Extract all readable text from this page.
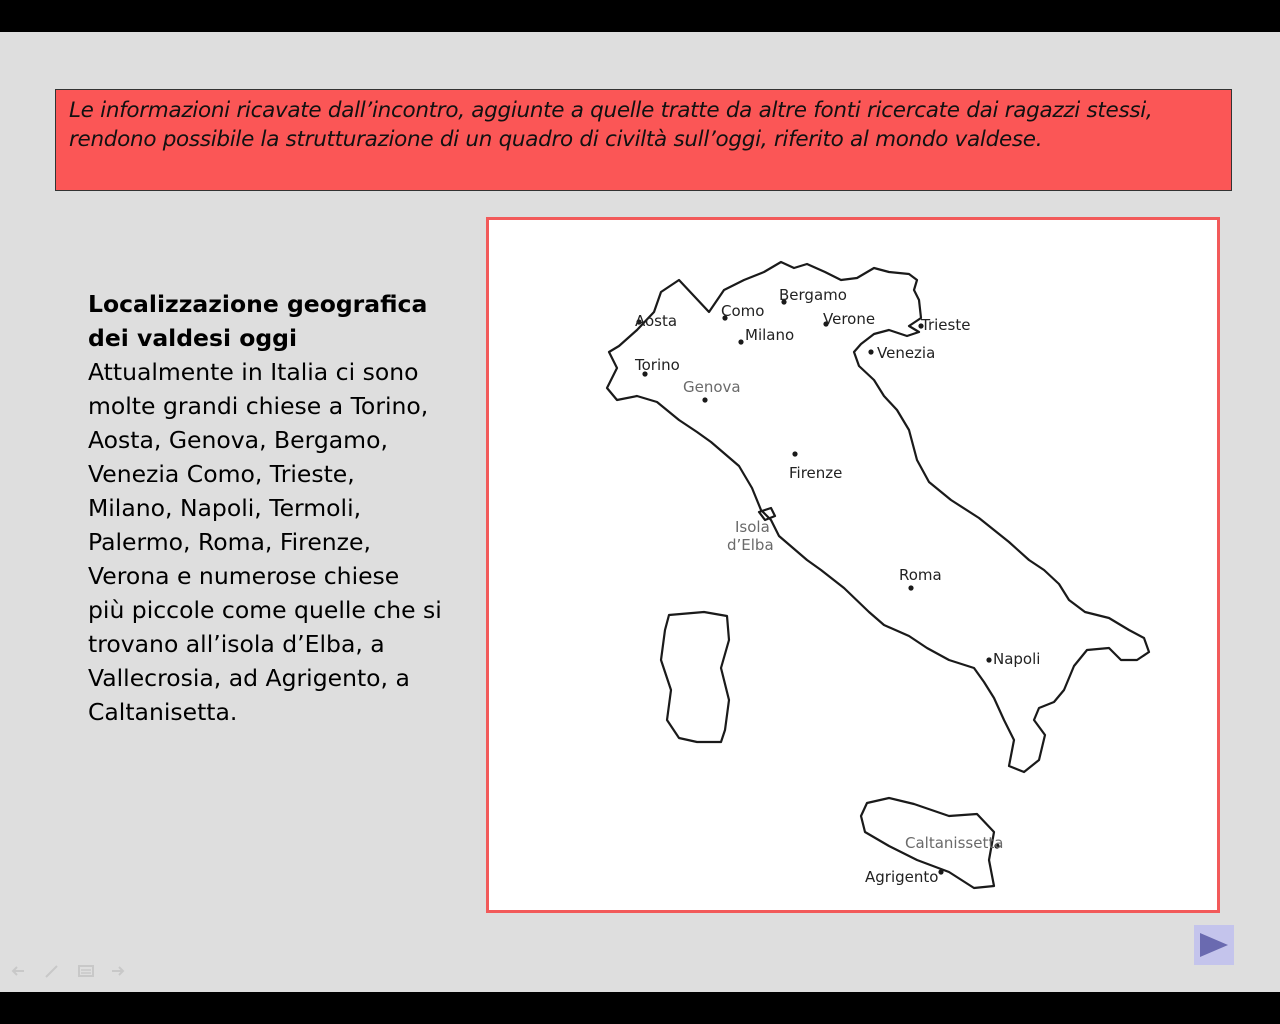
Le informazioni ricavate dall’incontro, aggiunte a quelle tratte da altre fonti ricercate dai ragazzi stessi, rendono possibile la strutturazione di un quadro di civiltà sull’oggi, riferito al mondo valdese.

Localizzazione geografica dei valdesi oggi

Attualmente in Italia ci sono molte grandi chiese a Torino, Aosta, Genova, Bergamo, Venezia Como, Trieste, Milano, Napoli, Termoli, Palermo, Roma, Firenze, Verona e numerose chiese più piccole come quelle che si trovano all’isola d’Elba, a Vallecrosia, ad Agrigento, a Caltanisetta.

Aosta
Como
Bergamo
Milano
Verone	Trieste
Torino
Venezia
Genova
Firenze
Isola
d’Elba
Roma
Napoli
Caltanissetta
Agrigento
